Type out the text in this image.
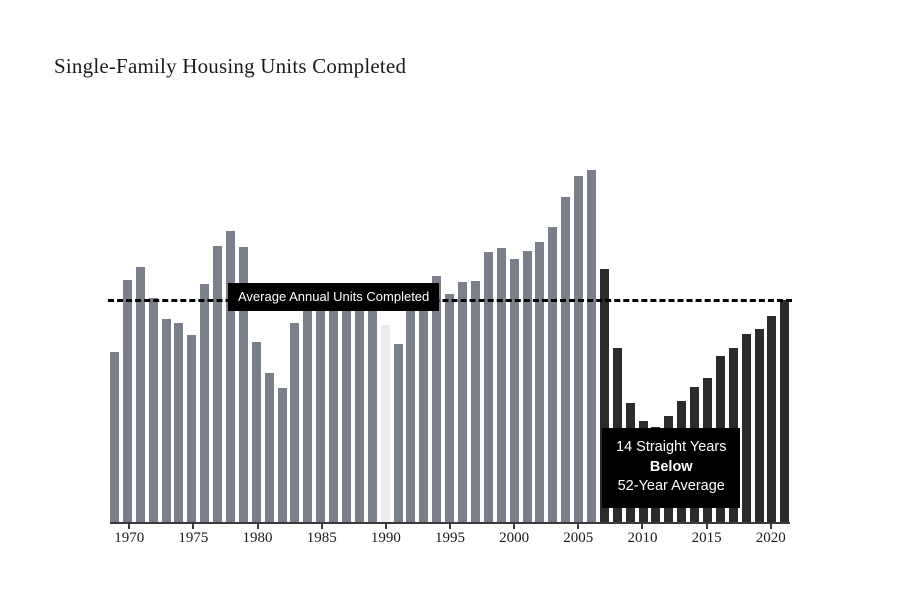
Single-Family Housing Units Completed
Average Annual Units Completed
14 Straight Years
Below
52-Year Average
1970 1975 1980 1985 1990 1995 2000 2005 2010 2015 2020
